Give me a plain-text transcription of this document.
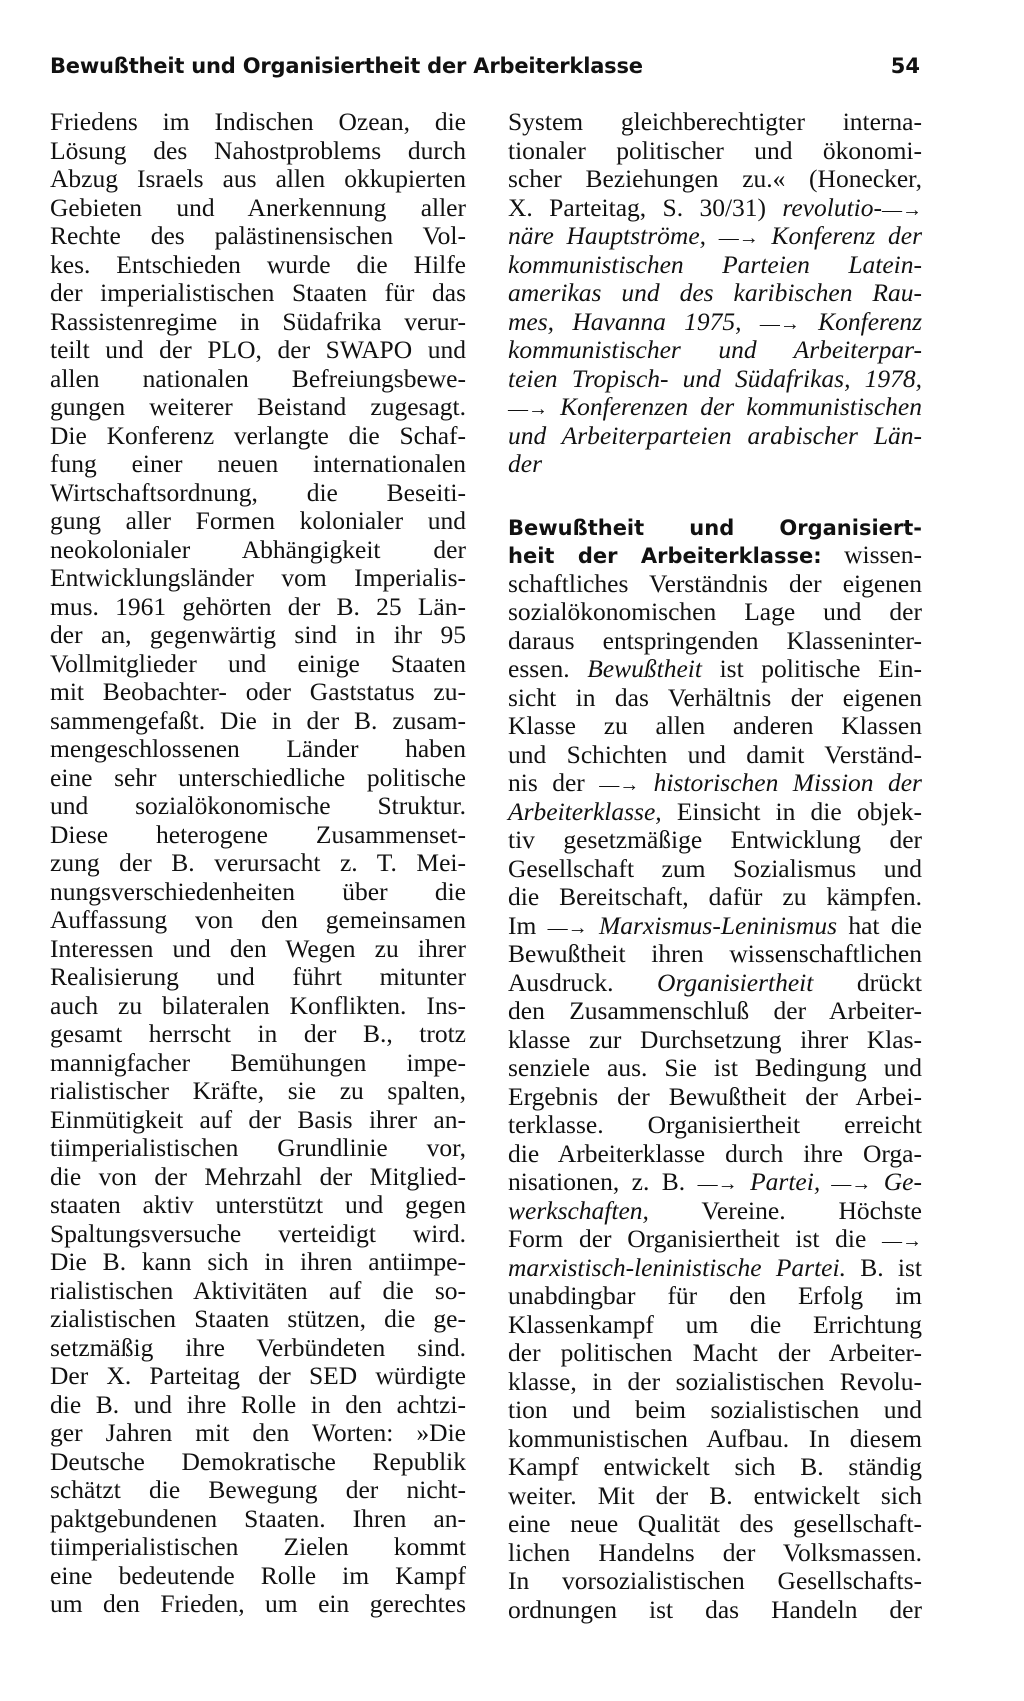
Bewußtheit und Organisiertheit der Arbeiterklasse	54
Friedens im Indischen Ozean, die
Lösung des Nahostproblems durch
Abzug Israels aus allen okkupierten
Gebieten und Anerkennung aller
Rechte des palästinensischen Vol-
kes. Entschieden wurde die Hilfe
der imperialistischen Staaten für das
Rassistenregime in Südafrika verur-
teilt und der PLO, der SWAPO und
allen nationalen Befreiungsbewe-
gungen weiterer Beistand zugesagt.
Die Konferenz verlangte die Schaf-
fung einer neuen internationalen
Wirtschaftsordnung, die Beseiti-
gung aller Formen kolonialer und
neokolonialer Abhängigkeit der
Entwicklungsländer vom Imperialis-
mus. 1961 gehörten der B. 25 Län-
der an, gegenwärtig sind in ihr 95
Vollmitglieder und einige Staaten
mit Beobachter- oder Gaststatus zu-
sammengefaßt. Die in der B. zusam-
mengeschlossenen Länder haben
eine sehr unterschiedliche politische
und sozialökonomische Struktur.
Diese heterogene Zusammenset-
zung der B. verursacht z. T. Mei-
nungsverschiedenheiten über die
Auffassung von den gemeinsamen
Interessen und den Wegen zu ihrer
Realisierung und führt mitunter
auch zu bilateralen Konflikten. Ins-
gesamt herrscht in der B., trotz
mannigfacher Bemühungen impe-
rialistischer Kräfte, sie zu spalten,
Einmütigkeit auf der Basis ihrer an-
tiimperialistischen Grundlinie vor,
die von der Mehrzahl der Mitglied-
staaten aktiv unterstützt und gegen
Spaltungsversuche verteidigt wird.
Die B. kann sich in ihren antiimpe-
rialistischen Aktivitäten auf die so-
zialistischen Staaten stützen, die ge-
setzmäßig ihre Verbündeten sind.
Der X. Parteitag der SED würdigte
die B. und ihre Rolle in den achtzi-
ger Jahren mit den Worten: »Die
Deutsche Demokratische Republik
schätzt die Bewegung der nicht-
paktgebundenen Staaten. Ihren an-
tiimperialistischen Zielen kommt
eine bedeutende Rolle im Kampf
um den Frieden, um ein gerechtes
System gleichberechtigter interna-
tionaler politischer und ökonomi-
scher Beziehungen zu.« (Honecker,
X. Parteitag, S. 30/31) revolutio-—→
näre Hauptströme, —→ Konferenz der
kommunistischen Parteien Latein-
amerikas und des karibischen Rau-
mes, Havanna 1975, —→ Konferenz
kommunistischer und Arbeiterpar-
teien Tropisch- und Südafrikas, 1978,
—→ Konferenzen der kommunistischen
und Arbeiterparteien arabischer Län-
der
Bewußtheit und Organisiert-
heit der Arbeiterklasse: wissen-
schaftliches Verständnis der eigenen
sozialökonomischen Lage und der
daraus entspringenden Klasseninter-
essen. Bewußtheit ist politische Ein-
sicht in das Verhältnis der eigenen
Klasse zu allen anderen Klassen
und Schichten und damit Verständ-
nis der —→ historischen Mission der
Arbeiterklasse, Einsicht in die objek-
tiv gesetzmäßige Entwicklung der
Gesellschaft zum Sozialismus und
die Bereitschaft, dafür zu kämpfen.
Im —→ Marxismus-Leninismus hat die
Bewußtheit ihren wissenschaftlichen
Ausdruck. Organisiertheit drückt
den Zusammenschluß der Arbeiter-
klasse zur Durchsetzung ihrer Klas-
senziele aus. Sie ist Bedingung und
Ergebnis der Bewußtheit der Arbei-
terklasse. Organisiertheit erreicht
die Arbeiterklasse durch ihre Orga-
nisationen, z. B. —→ Partei, —→ Ge-
werkschaften, Vereine. Höchste
Form der Organisiertheit ist die —→
marxistisch-leninistische Partei. B. ist
unabdingbar für den Erfolg im
Klassenkampf um die Errichtung
der politischen Macht der Arbeiter-
klasse, in der sozialistischen Revolu-
tion und beim sozialistischen und
kommunistischen Aufbau. In diesem
Kampf entwickelt sich B. ständig
weiter. Mit der B. entwickelt sich
eine neue Qualität des gesellschaft-
lichen Handelns der Volksmassen.
In vorsozialistischen Gesellschafts-
ordnungen ist das Handeln der
